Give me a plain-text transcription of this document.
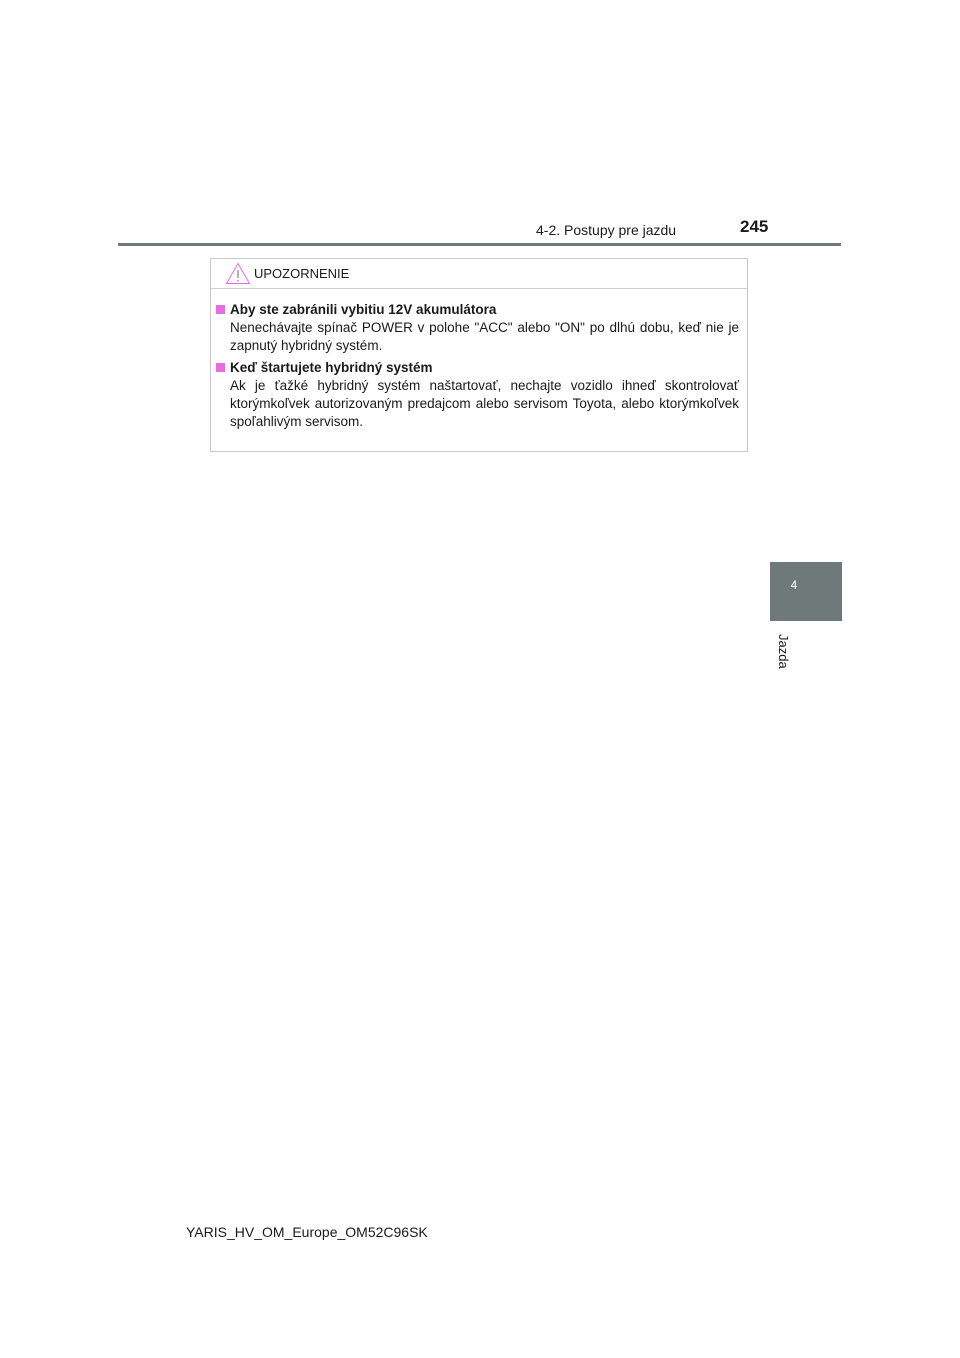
4-2. Postupy pre jazdu	245
4
Jazda
UPOZORNENIE
Aby ste zabránili vybitiu 12V akumulátora
Nenechávajte spínač POWER v polohe "ACC" alebo "ON" po dlhú dobu, keď nie je zapnutý hybridný systém.
Keď štartujete hybridný systém
Ak je ťažké hybridný systém naštartovať, nechajte vozidlo ihneď skontrolovať ktorýmkoľvek autorizovaným predajcom alebo servisom Toyota, alebo ktorýmkoľvek spoľahlivým servisom.
YARIS_HV_OM_Europe_OM52C96SK
